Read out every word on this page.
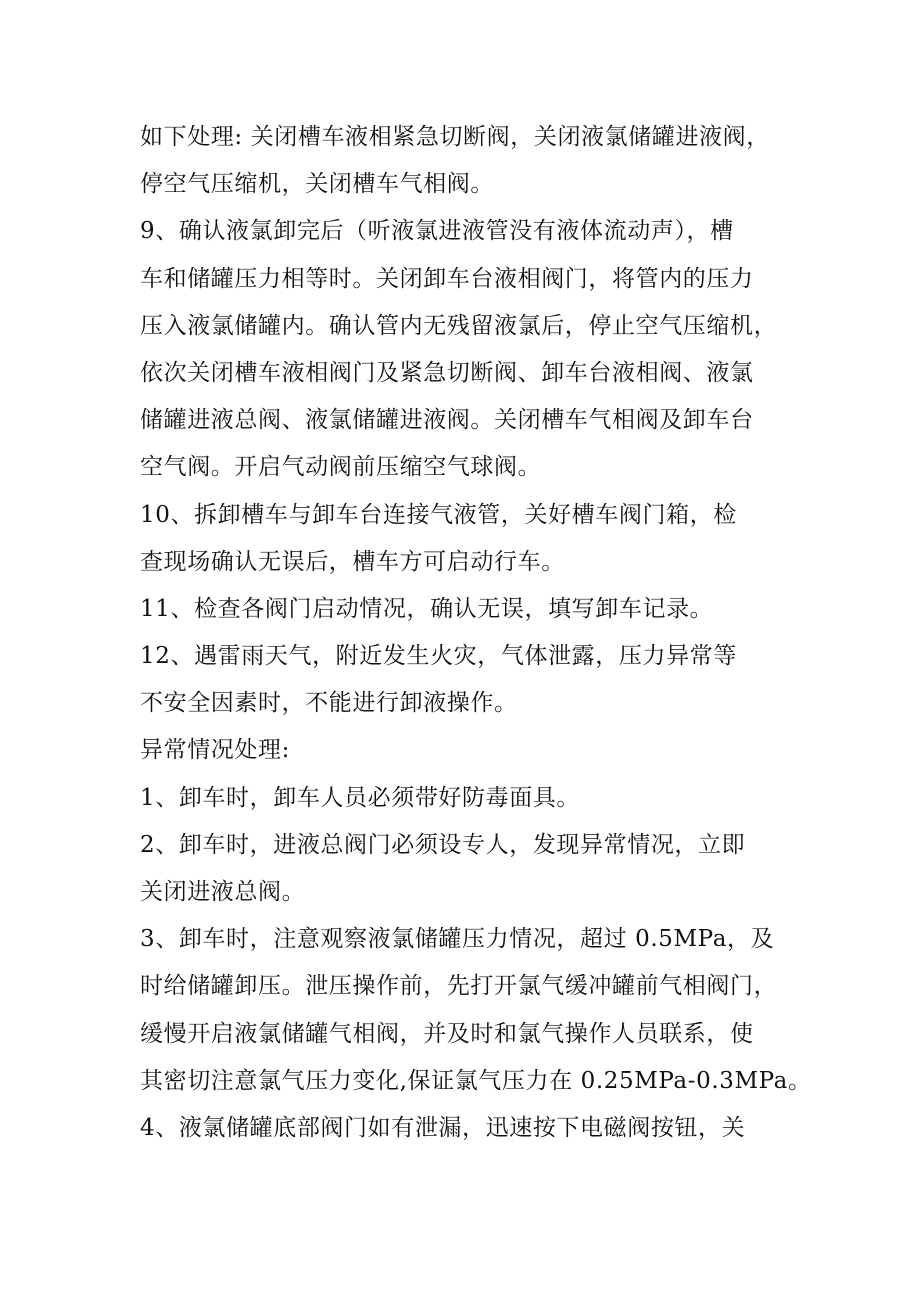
如下处理: 关闭槽车液相紧急切断阀，关闭液氯储罐进液阀，
停空气压缩机，关闭槽车气相阀。
9、确认液氯卸完后（听液氯进液管没有液体流动声），槽
车和储罐压力相等时。关闭卸车台液相阀门，将管内的压力
压入液氯储罐内。确认管内无残留液氯后，停止空气压缩机，
依次关闭槽车液相阀门及紧急切断阀、卸车台液相阀、液氯
储罐进液总阀、液氯储罐进液阀。关闭槽车气相阀及卸车台
空气阀。开启气动阀前压缩空气球阀。
10、拆卸槽车与卸车台连接气液管，关好槽车阀门箱，检
查现场确认无误后，槽车方可启动行车。
11、检查各阀门启动情况，确认无误，填写卸车记录。
12、遇雷雨天气，附近发生火灾，气体泄露，压力异常等
不安全因素时，不能进行卸液操作。
异常情况处理:
1、卸车时，卸车人员必须带好防毒面具。
2、卸车时，进液总阀门必须设专人，发现异常情况，立即
关闭进液总阀。
3、卸车时，注意观察液氯储罐压力情况，超过 0.5MPa，及
时给储罐卸压。泄压操作前，先打开氯气缓冲罐前气相阀门，
缓慢开启液氯储罐气相阀，并及时和氯气操作人员联系，使
其密切注意氯气压力变化,保证氯气压力在 0.25MPa-0.3MPa。
4、液氯储罐底部阀门如有泄漏，迅速按下电磁阀按钮，关
